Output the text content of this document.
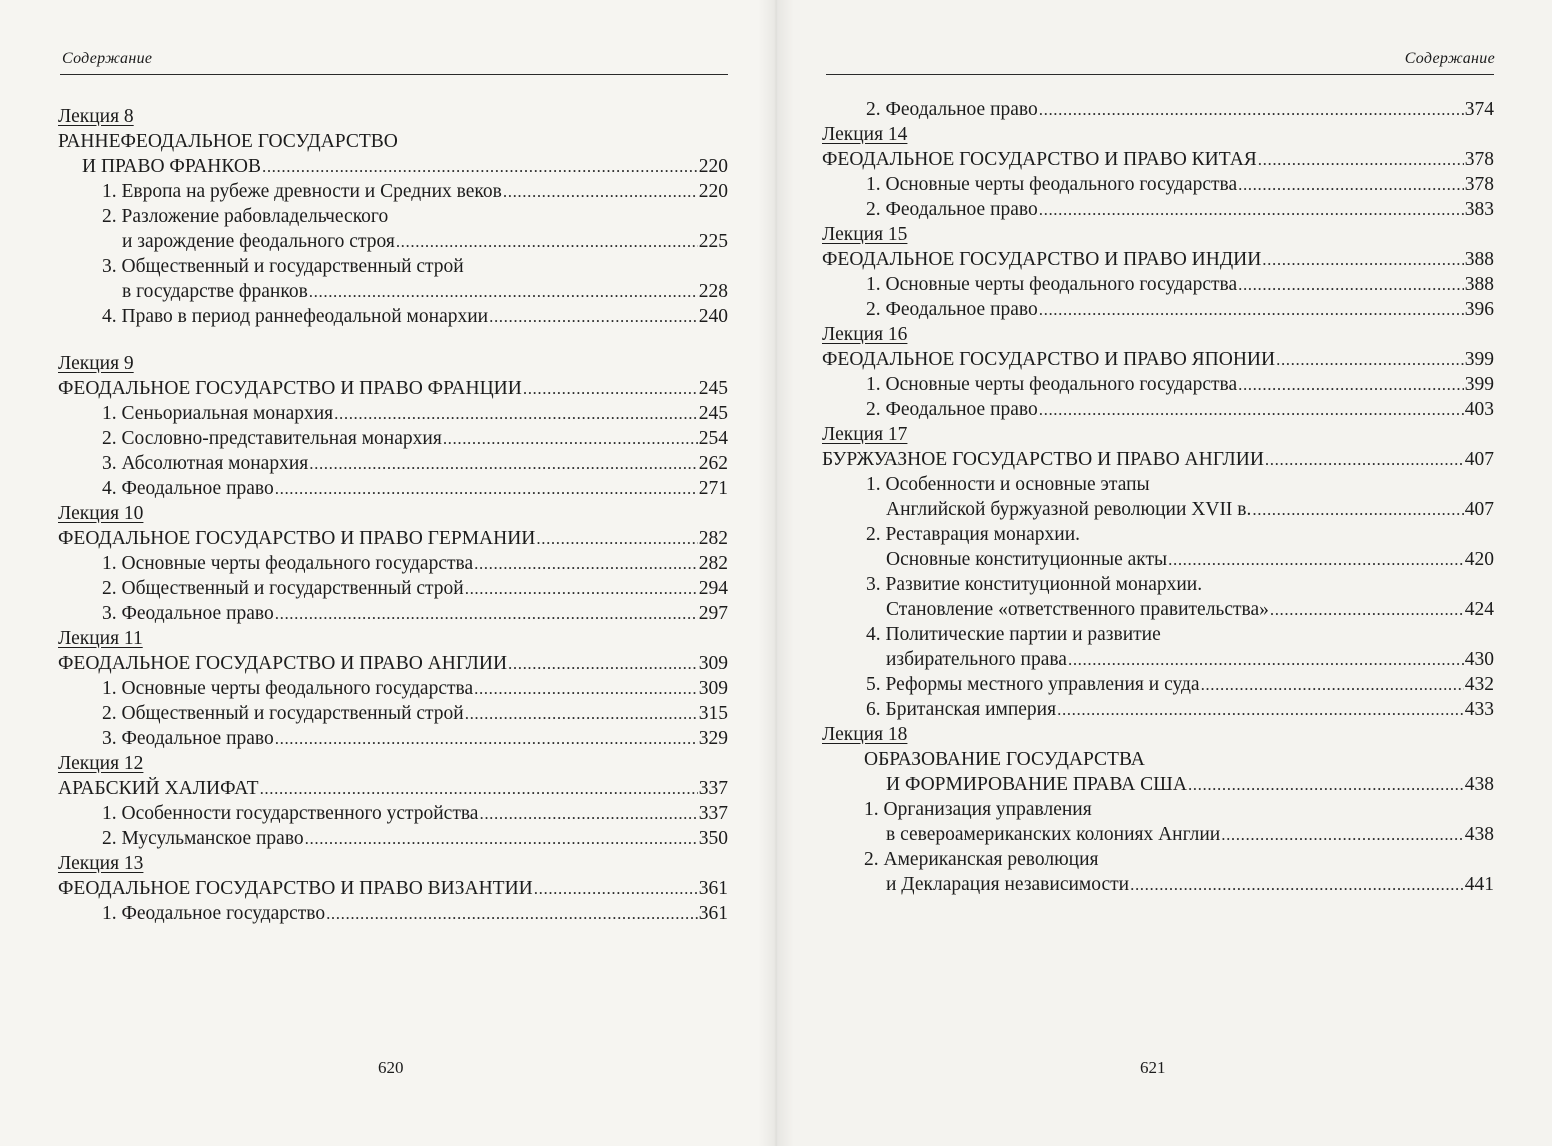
Содержание
Лекция 8
РАННЕФЕОДАЛЬНОЕ ГОСУДАРСТВО
И ПРАВО ФРАНКОВ .....	220
1. Европа на рубеже древности и Средних веков .....	220
2. Разложение рабовладельческого
и зарождение феодального строя .....	225
3. Общественный и государственный строй
в государстве франков .....	228
4. Право в период раннефеодальной монархии .....	240
Лекция 9
ФЕОДАЛЬНОЕ ГОСУДАРСТВО И ПРАВО ФРАНЦИИ .....	245
1. Сеньориальная монархия .....	245
2. Сословно-представительная монархия .....	254
3. Абсолютная монархия .....	262
4. Феодальное право .....	271
Лекция 10
ФЕОДАЛЬНОЕ ГОСУДАРСТВО И ПРАВО ГЕРМАНИИ .....	282
1. Основные черты феодального государства .....	282
2. Общественный и государственный строй .....	294
3. Феодальное право .....	297
Лекция 11
ФЕОДАЛЬНОЕ ГОСУДАРСТВО И ПРАВО АНГЛИИ .....	309
1. Основные черты феодального государства .....	309
2. Общественный и государственный строй .....	315
3. Феодальное право .....	329
Лекция 12
АРАБСКИЙ ХАЛИФАТ .....	337
1. Особенности государственного устройства .....	337
2. Мусульманское право .....	350
Лекция 13
ФЕОДАЛЬНОЕ ГОСУДАРСТВО И ПРАВО ВИЗАНТИИ .....	361
1. Феодальное государство .....	361
620
Содержание
2. Феодальное право .....	374
Лекция 14
ФЕОДАЛЬНОЕ ГОСУДАРСТВО И ПРАВО КИТАЯ .....	378
1. Основные черты феодального государства .....	378
2. Феодальное право .....	383
Лекция 15
ФЕОДАЛЬНОЕ ГОСУДАРСТВО И ПРАВО ИНДИИ .....	388
1. Основные черты феодального государства .....	388
2. Феодальное право .....	396
Лекция 16
ФЕОДАЛЬНОЕ ГОСУДАРСТВО И ПРАВО ЯПОНИИ .....	399
1. Основные черты феодального государства .....	399
2. Феодальное право .....	403
Лекция 17
БУРЖУАЗНОЕ ГОСУДАРСТВО И ПРАВО АНГЛИИ .....	407
1. Особенности и основные этапы
Английской буржуазной революции XVII в. .....	407
2. Реставрация монархии.
Основные конституционные акты .....	420
3. Развитие конституционной монархии.
Становление «ответственного правительства» .....	424
4. Политические партии и развитие
избирательного права .....	430
5. Реформы местного управления и суда .....	432
6. Британская империя .....	433
Лекция 18
ОБРАЗОВАНИЕ ГОСУДАРСТВА
И ФОРМИРОВАНИЕ ПРАВА США .....	438
1. Организация управления
в североамериканских колониях Англии .....	438
2. Американская революция
и Декларация независимости .....	441
621
